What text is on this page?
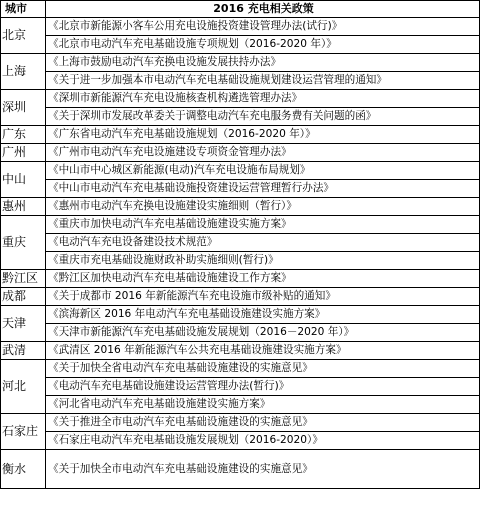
城市	2016 充电相关政策
北京	《北京市新能源小客车公用充电设施投资建设管理办法(试行)》
	《北京市电动汽车充电基础设施专项规划（2016-2020 年）》
上海	《上海市鼓励电动汽车充换电设施发展扶持办法》
	《关于进一步加强本市电动汽车充电基础设施规划建设运营管理的通知》
深圳	《深圳市新能源汽车充电设施核查机构遴选管理办法》
	《关于深圳市发展改革委关于调整电动汽车充电服务费有关问题的函》
广东	《广东省电动汽车充电基础设施规划（2016-2020 年）》
广州	《广州市电动汽车充电设施建设专项资金管理办法》
中山	《中山市中心城区新能源(电动)汽车充电设施布局规划》
	《中山市电动汽车充电基础设施投资建设运营管理暂行办法》
惠州	《惠州市电动汽车充换电设施建设实施细则（暂行）》
重庆	《重庆市加快电动汽车充电基础设施建设实施方案》
	《电动汽车充电设备建设技术规范》
	《重庆市充电基础设施财政补助实施细则(暂行)》
黔江区	《黔江区加快电动汽车充电基础设施建设工作方案》
成都	《关于成都市 2016 年新能源汽车充电设施市级补贴的通知》
天津	《滨海新区 2016 年电动汽车充电基础设施建设实施方案》
	《天津市新能源汽车充电基础设施发展规划（2016－2020 年）》
武清	《武清区 2016 年新能源汽车公共充电基础设施建设实施方案》
河北	《关于加快全省电动汽车充电基础设施建设的实施意见》
	《电动汽车充电基础设施建设运营管理办法(暂行)》
	《河北省电动汽车充电基础设施建设实施方案》
石家庄	《关于推进全市电动汽车充电基础设施建设的实施意见》
	《石家庄电动汽车充电基础设施发展规划（2016-2020）》
衡水	《关于加快全市电动汽车充电基础设施建设的实施意见》
